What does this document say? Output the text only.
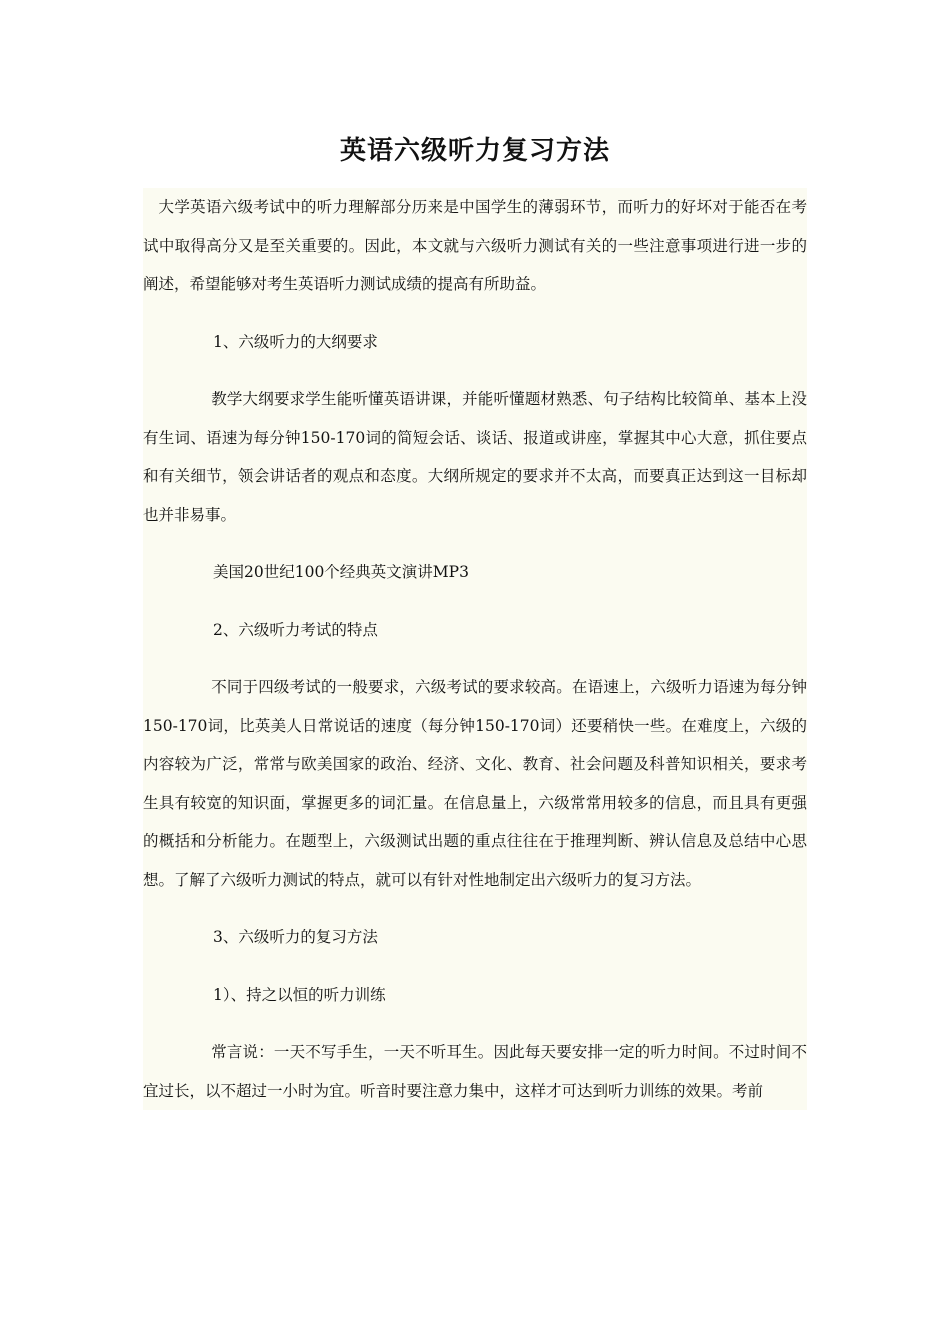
英语六级听力复习方法

大学英语六级考试中的听力理解部分历来是中国学生的薄弱环节，而听力的好坏对于能否在考试中取得高分又是至关重要的。因此，本文就与六级听力测试有关的一些注意事项进行进一步的阐述，希望能够对考生英语听力测试成绩的提高有所助益。

1、六级听力的大纲要求

教学大纲要求学生能听懂英语讲课，并能听懂题材熟悉、句子结构比较简单、基本上没有生词、语速为每分钟150-170词的简短会话、谈话、报道或讲座，掌握其中心大意，抓住要点和有关细节，领会讲话者的观点和态度。大纲所规定的要求并不太高，而要真正达到这一目标却也并非易事。

美国20世纪100个经典英文演讲MP3

2、六级听力考试的特点

不同于四级考试的一般要求，六级考试的要求较高。在语速上，六级听力语速为每分钟150-170词，比英美人日常说话的速度（每分钟150-170词）还要稍快一些。在难度上，六级的内容较为广泛，常常与欧美国家的政治、经济、文化、教育、社会问题及科普知识相关，要求考生具有较宽的知识面，掌握更多的词汇量。在信息量上，六级常常用较多的信息，而且具有更强的概括和分析能力。在题型上，六级测试出题的重点往往在于推理判断、辨认信息及总结中心思想。了解了六级听力测试的特点，就可以有针对性地制定出六级听力的复习方法。

3、六级听力的复习方法

1）、持之以恒的听力训练

常言说：一天不写手生，一天不听耳生。因此每天要安排一定的听力时间。不过时间不宜过长，以不超过一小时为宜。听音时要注意力集中，这样才可达到听力训练的效果。考前
